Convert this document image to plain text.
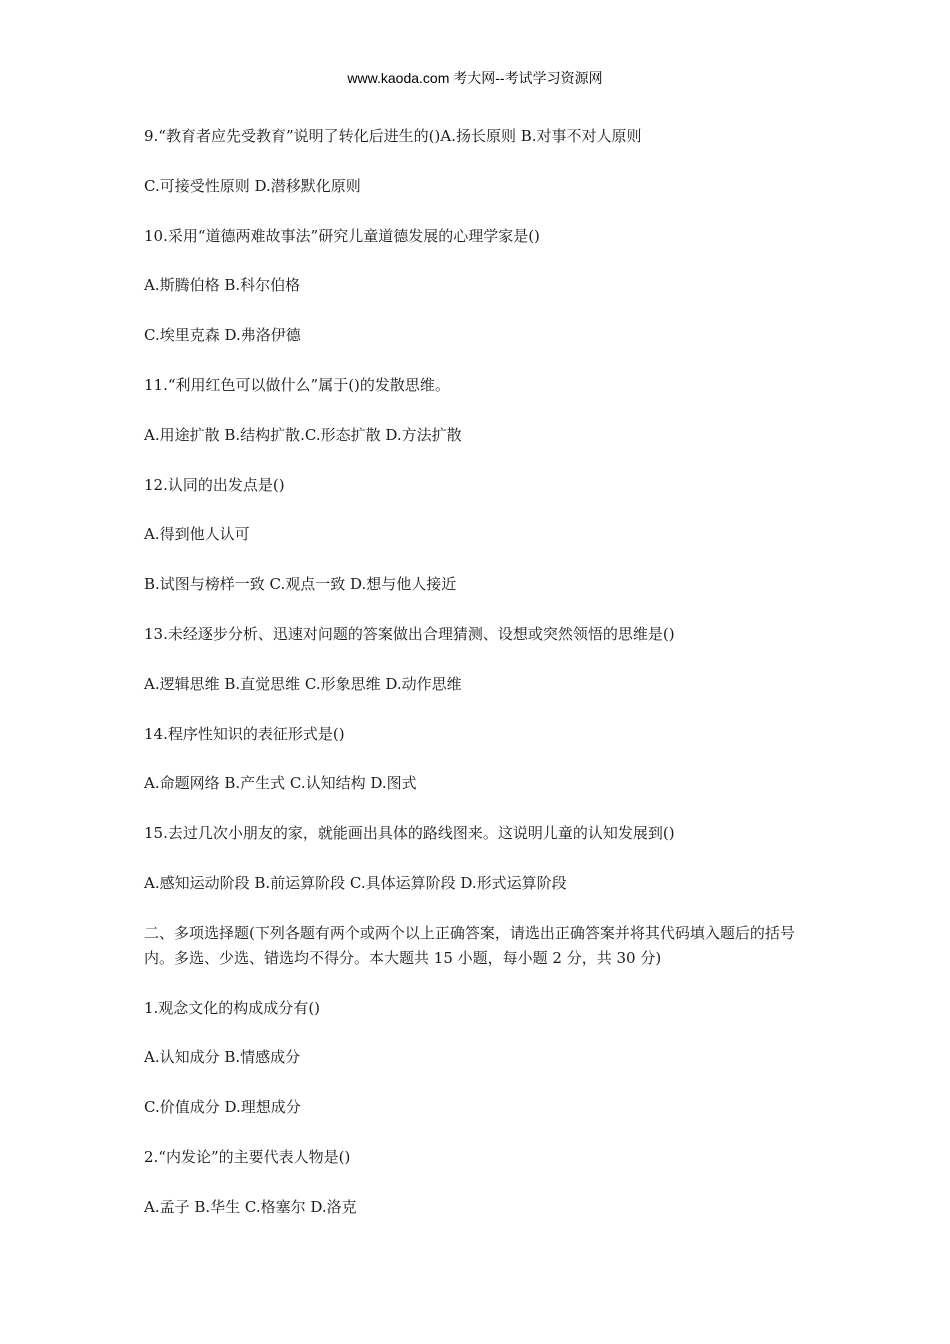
www.kaoda.com 考大网--考试学习资源网

9.“教育者应先受教育”说明了转化后进生的()A.扬长原则 B.对事不对人原则

C.可接受性原则 D.潜移默化原则

10.采用“道德两难故事法”研究儿童道德发展的心理学家是()

A.斯腾伯格 B.科尔伯格

C.埃里克森 D.弗洛伊德

11.“利用红色可以做什么”属于()的发散思维。

A.用途扩散 B.结构扩散.C.形态扩散 D.方法扩散

12.认同的出发点是()

A.得到他人认可

B.试图与榜样一致 C.观点一致 D.想与他人接近

13.未经逐步分析、迅速对问题的答案做出合理猜测、设想或突然领悟的思维是()

A.逻辑思维 B.直觉思维 C.形象思维 D.动作思维

14.程序性知识的表征形式是()

A.命题网络 B.产生式 C.认知结构 D.图式

15.去过几次小朋友的家，就能画出具体的路线图来。这说明儿童的认知发展到()

A.感知运动阶段 B.前运算阶段 C.具体运算阶段 D.形式运算阶段

二、多项选择题(下列各题有两个或两个以上正确答案，请选出正确答案并将其代码填入题后的括号内。多选、少选、错选均不得分。本大题共 15 小题，每小题 2 分，共 30 分)

1.观念文化的构成成分有()

A.认知成分 B.情感成分

C.价值成分 D.理想成分

2.“内发论”的主要代表人物是()

A.孟子 B.华生 C.格塞尔 D.洛克
